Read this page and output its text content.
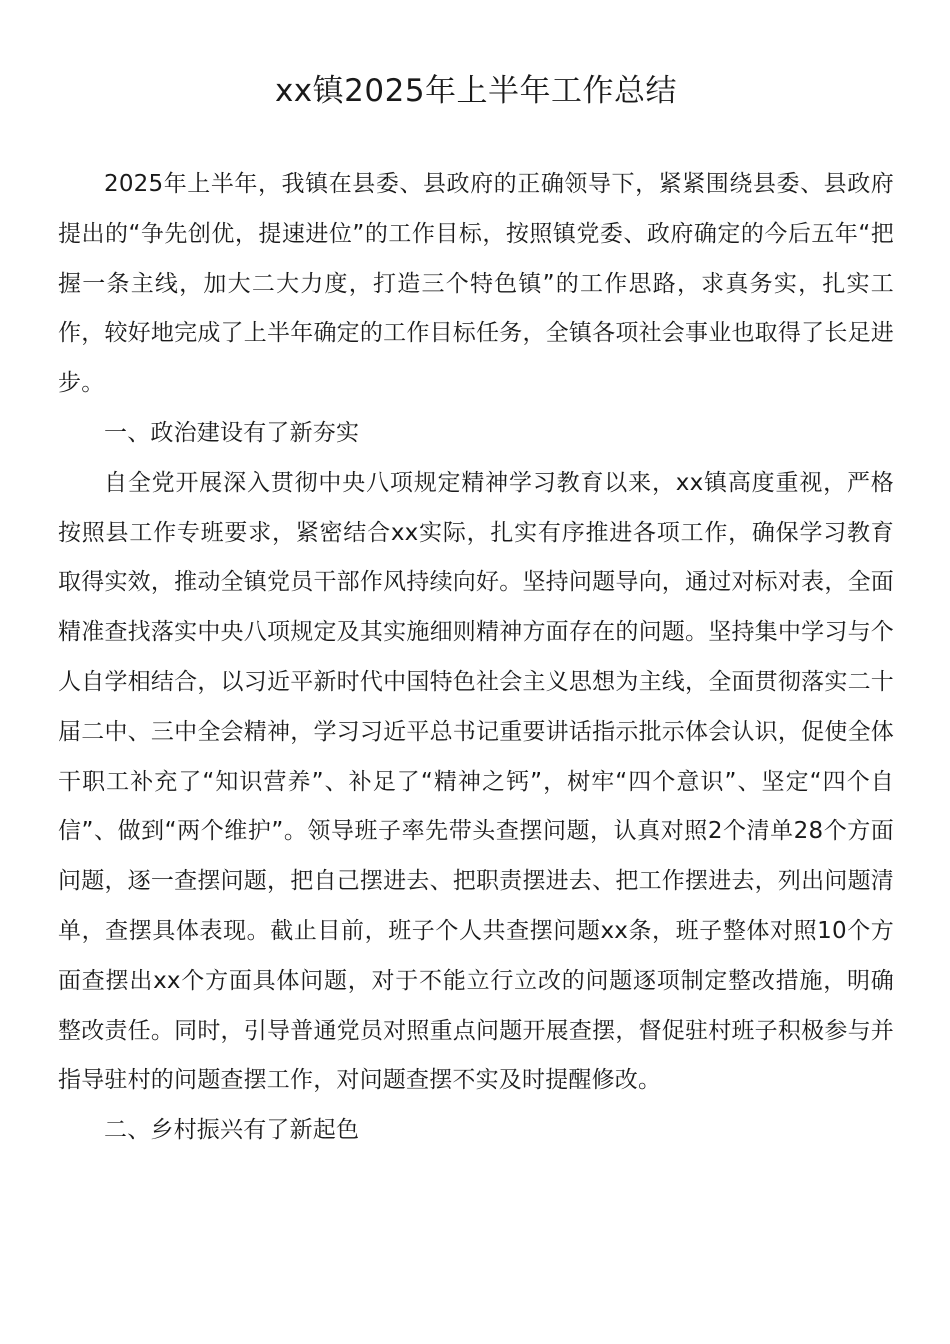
xx镇2025年上半年工作总结

2025年上半年，我镇在县委、县政府的正确领导下，紧紧围绕县委、县政府提出的“争先创优，提速进位”的工作目标，按照镇党委、政府确定的今后五年“把握一条主线，加大二大力度，打造三个特色镇”的工作思路，求真务实，扎实工作，较好地完成了上半年确定的工作目标任务，全镇各项社会事业也取得了长足进步。

一、政治建设有了新夯实

自全党开展深入贯彻中央八项规定精神学习教育以来，xx镇高度重视，严格按照县工作专班要求，紧密结合xx实际，扎实有序推进各项工作，确保学习教育取得实效，推动全镇党员干部作风持续向好。坚持问题导向，通过对标对表，全面精准查找落实中央八项规定及其实施细则精神方面存在的问题。坚持集中学习与个人自学相结合，以习近平新时代中国特色社会主义思想为主线，全面贯彻落实二十届二中、三中全会精神，学习习近平总书记重要讲话指示批示体会认识，促使全体干职工补充了“知识营养”、补足了“精神之钙”，树牢“四个意识”、坚定“四个自信”、做到“两个维护”。领导班子率先带头查摆问题，认真对照2个清单28个方面问题，逐一查摆问题，把自己摆进去、把职责摆进去、把工作摆进去，列出问题清单，查摆具体表现。截止目前，班子个人共查摆问题xx条，班子整体对照10个方面查摆出xx个方面具体问题，对于不能立行立改的问题逐项制定整改措施，明确整改责任。同时，引导普通党员对照重点问题开展查摆，督促驻村班子积极参与并指导驻村的问题查摆工作，对问题查摆不实及时提醒修改。

二、乡村振兴有了新起色
